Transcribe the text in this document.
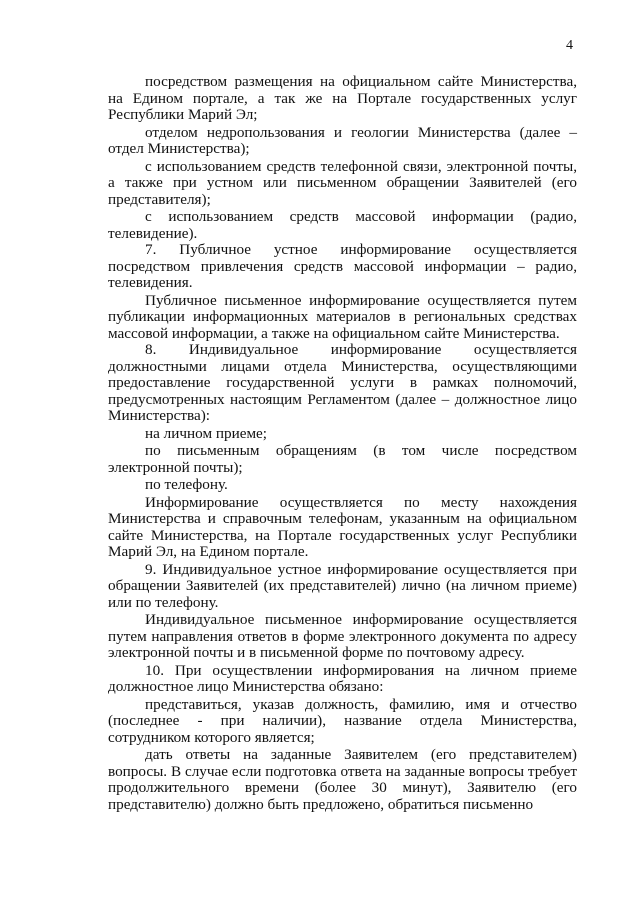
4

посредством размещения на официальном сайте Министерства, на Едином портале, а так же на Портале государственных услуг Республики Марий Эл;

отделом недропользования и геологии Министерства (далее – отдел Министерства);

с использованием средств телефонной связи, электронной почты, а также при устном или письменном обращении Заявителей (его представителя);

с использованием средств массовой информации (радио, телевидение).

7. Публичное устное информирование осуществляется посредством привлечения средств массовой информации – радио, телевидения.

Публичное письменное информирование осуществляется путем публикации информационных материалов в региональных средствах массовой информации, а также на официальном сайте Министерства.

8. Индивидуальное информирование осуществляется должностными лицами отдела Министерства, осуществляющими предоставление государственной услуги в рамках полномочий, предусмотренных настоящим Регламентом (далее – должностное лицо Министерства):

на личном приеме;

по письменным обращениям (в том числе посредством электронной почты);

по телефону.

Информирование осуществляется по месту нахождения Министерства и справочным телефонам, указанным на официальном сайте Министерства, на Портале государственных услуг Республики Марий Эл, на Едином портале.

9. Индивидуальное устное информирование осуществляется при обращении Заявителей (их представителей) лично (на личном приеме) или по телефону.

Индивидуальное письменное информирование осуществляется путем направления ответов в форме электронного документа по адресу электронной почты и в письменной форме по почтовому адресу.

10. При осуществлении информирования на личном приеме должностное лицо Министерства обязано:

представиться, указав должность, фамилию, имя и отчество (последнее - при наличии), название отдела Министерства, сотрудником которого является;

дать ответы на заданные Заявителем (его представителем) вопросы. В случае если подготовка ответа на заданные вопросы требует продолжительного времени (более 30 минут), Заявителю (его представителю) должно быть предложено, обратиться письменно
